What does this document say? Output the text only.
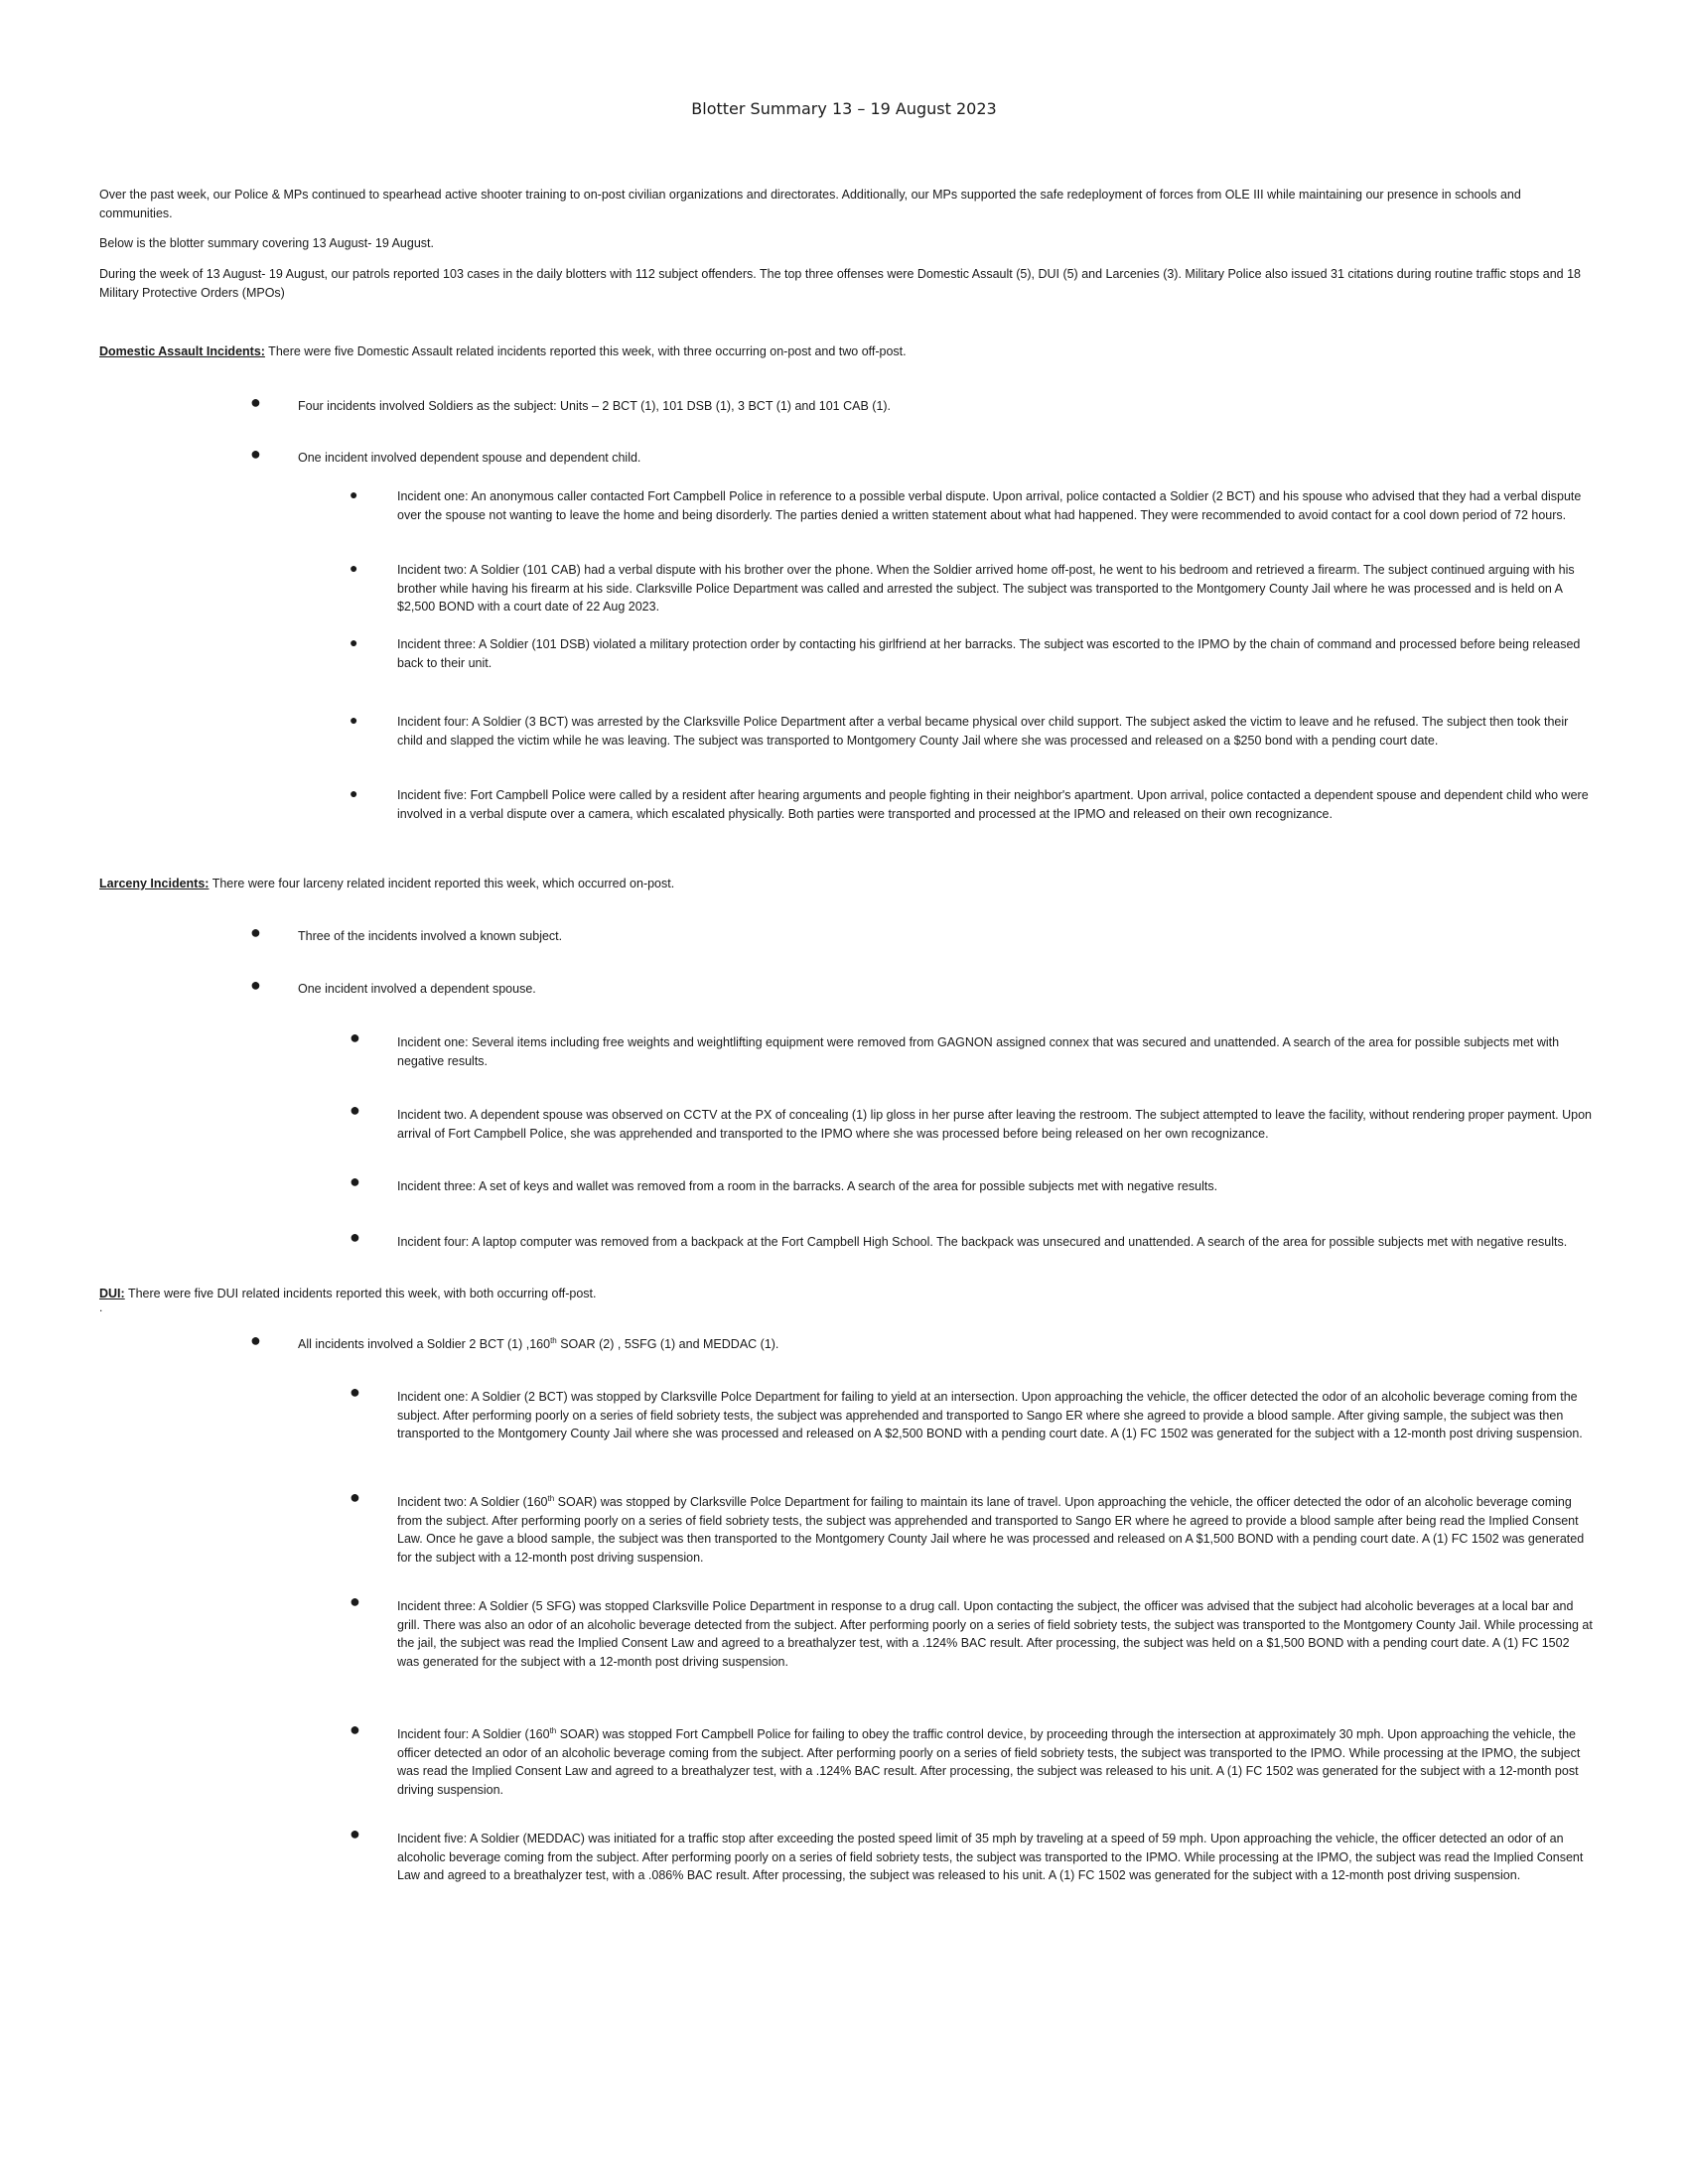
Blotter Summary 13 – 19 August 2023

Over the past week, our Police & MPs continued to spearhead active shooter training to on-post civilian organizations and directorates. Additionally, our MPs supported the safe redeployment of forces from OLE III while maintaining our presence in schools and communities.

Below is the blotter summary covering 13 August- 19 August.

During the week of 13 August- 19 August, our patrols reported 103 cases in the daily blotters with 112 subject offenders. The top three offenses were Domestic Assault (5), DUI (5) and Larcenies (3). Military Police also issued 31 citations during routine traffic stops and 18 Military Protective Orders (MPOs)

Domestic Assault Incidents: There were five Domestic Assault related incidents reported this week, with three occurring on-post and two off-post.

●	Four incidents involved Soldiers as the subject: Units – 2 BCT (1), 101 DSB (1), 3 BCT (1) and 101 CAB (1).
●	One incident involved dependent spouse and dependent child.
●	Incident one: An anonymous caller contacted Fort Campbell Police in reference to a possible verbal dispute. Upon arrival, police contacted a Soldier (2 BCT) and his spouse who advised that they had a verbal dispute over the spouse not wanting to leave the home and being disorderly. The parties denied a written statement about what had happened. They were recommended to avoid contact for a cool down period of 72 hours.
●	Incident two: A Soldier (101 CAB) had a verbal dispute with his brother over the phone. When the Soldier arrived home off-post, he went to his bedroom and retrieved a firearm. The subject continued arguing with his brother while having his firearm at his side. Clarksville Police Department was called and arrested the subject. The subject was transported to the Montgomery County Jail where he was processed and is held on A $2,500 BOND with a court date of 22 Aug 2023.
●	Incident three: A Soldier (101 DSB) violated a military protection order by contacting his girlfriend at her barracks. The subject was escorted to the IPMO by the chain of command and processed before being released back to their unit.
●	Incident four: A Soldier (3 BCT) was arrested by the Clarksville Police Department after a verbal became physical over child support. The subject asked the victim to leave and he refused. The subject then took their child and slapped the victim while he was leaving. The subject was transported to Montgomery County Jail where she was processed and released on a $250 bond with a pending court date.
●	Incident five: Fort Campbell Police were called by a resident after hearing arguments and people fighting in their neighbor's apartment. Upon arrival, police contacted a dependent spouse and dependent child who were involved in a verbal dispute over a camera, which escalated physically. Both parties were transported and processed at the IPMO and released on their own recognizance.

Larceny Incidents: There were four larceny related incident reported this week, which occurred on-post.

●	Three of the incidents involved a known subject.
●	One incident involved a dependent spouse.
●	Incident one: Several items including free weights and weightlifting equipment were removed from GAGNON assigned connex that was secured and unattended. A search of the area for possible subjects met with negative results.
●	Incident two. A dependent spouse was observed on CCTV at the PX of concealing (1) lip gloss in her purse after leaving the restroom. The subject attempted to leave the facility, without rendering proper payment. Upon arrival of Fort Campbell Police, she was apprehended and transported to the IPMO where she was processed before being released on her own recognizance.
●	Incident three: A set of keys and wallet was removed from a room in the barracks. A search of the area for possible subjects met with negative results.
●	Incident four: A laptop computer was removed from a backpack at the Fort Campbell High School. The backpack was unsecured and unattended. A search of the area for possible subjects met with negative results.

DUI: There were five DUI related incidents reported this week, with both occurring off-post.

.
●	All incidents involved a Soldier 2 BCT (1) ,160th SOAR (2) , 5SFG (1) and MEDDAC (1).
●	Incident one: A Soldier (2 BCT) was stopped by Clarksville Polce Department for failing to yield at an intersection. Upon approaching the vehicle, the officer detected the odor of an alcoholic beverage coming from the subject. After performing poorly on a series of field sobriety tests, the subject was apprehended and transported to Sango ER where she agreed to provide a blood sample. After giving sample, the subject was then transported to the Montgomery County Jail where she was processed and released on A $2,500 BOND with a pending court date. A (1) FC 1502 was generated for the subject with a 12-month post driving suspension.
●	Incident two: A Soldier (160th SOAR) was stopped by Clarksville Polce Department for failing to maintain its lane of travel. Upon approaching the vehicle, the officer detected the odor of an alcoholic beverage coming from the subject. After performing poorly on a series of field sobriety tests, the subject was apprehended and transported to Sango ER where he agreed to provide a blood sample after being read the Implied Consent Law. Once he gave a blood sample, the subject was then transported to the Montgomery County Jail where he was processed and released on A $1,500 BOND with a pending court date. A (1) FC 1502 was generated for the subject with a 12-month post driving suspension.
●	Incident three: A Soldier (5 SFG) was stopped Clarksville Police Department in response to a drug call. Upon contacting the subject, the officer was advised that the subject had alcoholic beverages at a local bar and grill. There was also an odor of an alcoholic beverage detected from the subject. After performing poorly on a series of field sobriety tests, the subject was transported to the Montgomery County Jail. While processing at the jail, the subject was read the Implied Consent Law and agreed to a breathalyzer test, with a .124% BAC result. After processing, the subject was held on a $1,500 BOND with a pending court date. A (1) FC 1502 was generated for the subject with a 12-month post driving suspension.
●	Incident four: A Soldier (160th SOAR) was stopped Fort Campbell Police for failing to obey the traffic control device, by proceeding through the intersection at approximately 30 mph. Upon approaching the vehicle, the officer detected an odor of an alcoholic beverage coming from the subject. After performing poorly on a series of field sobriety tests, the subject was transported to the IPMO. While processing at the IPMO, the subject was read the Implied Consent Law and agreed to a breathalyzer test, with a .124% BAC result. After processing, the subject was released to his unit. A (1) FC 1502 was generated for the subject with a 12-month post driving suspension.
●	Incident five: A Soldier (MEDDAC) was initiated for a traffic stop after exceeding the posted speed limit of 35 mph by traveling at a speed of 59 mph. Upon approaching the vehicle, the officer detected an odor of an alcoholic beverage coming from the subject. After performing poorly on a series of field sobriety tests, the subject was transported to the IPMO. While processing at the IPMO, the subject was read the Implied Consent Law and agreed to a breathalyzer test, with a .086% BAC result. After processing, the subject was released to his unit. A (1) FC 1502 was generated for the subject with a 12-month post driving suspension.
